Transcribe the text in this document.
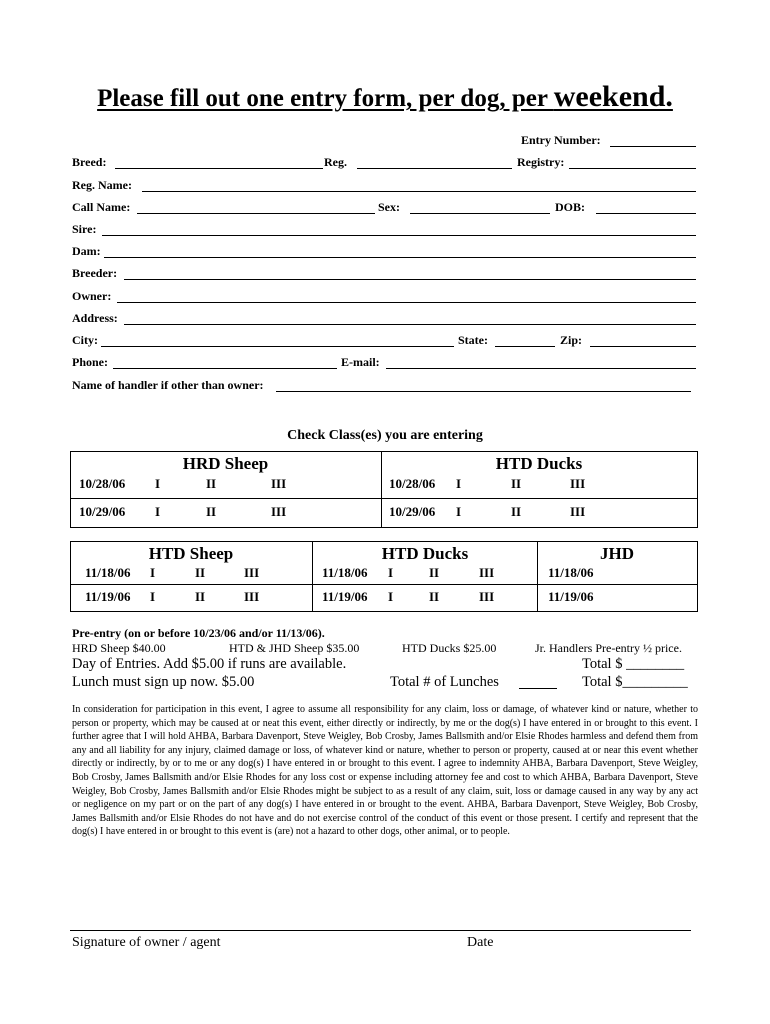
Please fill out one entry form, per dog, per weekend.
Entry Number:
Breed:	Reg.	Registry:
Reg. Name:
Call Name:	Sex:	DOB:
Sire:
Dam:
Breeder:
Owner:
Address:
City:	State:	Zip:
Phone:	E-mail:
Name of handler if other than owner:
Check Class(es) you are entering
HRD Sheep	HTD Ducks
10/28/06 I	II	III	10/28/06 I	II	III
10/29/06 I	II	III	10/29/06 I	II	III
HTD Sheep	HTD Ducks	JHD
11/18/06 I	II	III	11/18/06 I	II	III	11/18/06
11/19/06 I	II	III	11/19/06 I	II	III	11/19/06
Pre-entry (on or before 10/23/06 and/or 11/13/06).
HRD Sheep $40.00	HTD & JHD Sheep $35.00	HTD Ducks $25.00	Jr. Handlers Pre-entry ½ price.
Day of Entries. Add $5.00 if runs are available.	Total $ ________
Lunch must sign up now. $5.00	Total # of Lunches	Total $_________
In consideration for participation in this event, I agree to assume all responsibility for any claim, loss or damage, of whatever kind or nature, whether to person or property, which may be caused at or neat this event, either directly or indirectly, by me or the dog(s) I have entered in or brought to this event. I further agree that I will hold AHBA, Barbara Davenport, Steve Weigley, Bob Crosby, James Ballsmith and/or Elsie Rhodes harmless and defend them from any and all liability for any injury, claimed damage or loss, of whatever kind or nature, whether to person or property, caused at or near this event whether directly or indirectly, by or to me or any dog(s) I have entered in or brought to this event. I agree to indemnity AHBA, Barbara Davenport, Steve Weigley, Bob Crosby, James Ballsmith and/or Elsie Rhodes for any loss cost or expense including attorney fee and cost to which AHBA, Barbara Davenport, Steve Weigley, Bob Crosby, James Ballsmith and/or Elsie Rhodes might be subject to as a result of any claim, suit, loss or damage caused in any way by any act or negligence on my part or on the part of any dog(s) I have entered in or brought to the event. AHBA, Barbara Davenport, Steve Weigley, Bob Crosby, James Ballsmith and/or Elsie Rhodes do not have and do not exercise control of the conduct of this event or those present. I certify and represent that the dog(s) I have entered in or brought to this event is (are) not a hazard to other dogs, other animal, or to people.
Signature of owner / agent	Date
